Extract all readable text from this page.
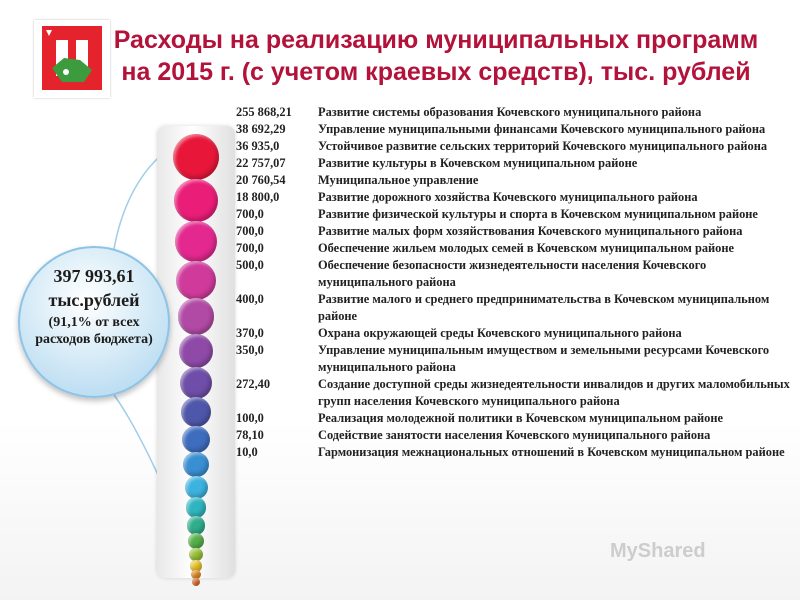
Расходы на реализацию муниципальных программ
на 2015 г. (с учетом краевых средств), тыс. рублей
397 993,61
тыс.рублей
(91,1% от всех расходов бюджета)
255 868,21	Развитие системы образования Кочевского муниципального района
38 692,29	Управление муниципальными финансами Кочевского муниципального района
36 935,0	Устойчивое развитие сельских территорий Кочевского муниципального района
22 757,07	Развитие культуры в Кочевском муниципальном районе
20 760,54	Муниципальное управление
18 800,0	Развитие дорожного хозяйства Кочевского муниципального района
700,0	Развитие физической культуры и спорта в Кочевском муниципальном районе
700,0	Развитие малых форм хозяйствования Кочевского муниципального района
700,0	Обеспечение жильем молодых семей в Кочевском муниципальном районе
500,0	Обеспечение безопасности жизнедеятельности населения Кочевского муниципального района
400,0	Развитие малого и среднего предпринимательства в Кочевском муниципальном районе
370,0	Охрана окружающей среды Кочевского муниципального района
350,0	Управление муниципальным имуществом и земельными ресурсами Кочевского муниципального района
272,40	Создание доступной среды жизнедеятельности инвалидов и других маломобильных групп населения Кочевского муниципального района
100,0	Реализация молодежной политики в Кочевском муниципальном районе
78,10	Содействие занятости населения Кочевского муниципального района
10,0	Гармонизация межнациональных отношений в Кочевском муниципальном районе
MyShared
